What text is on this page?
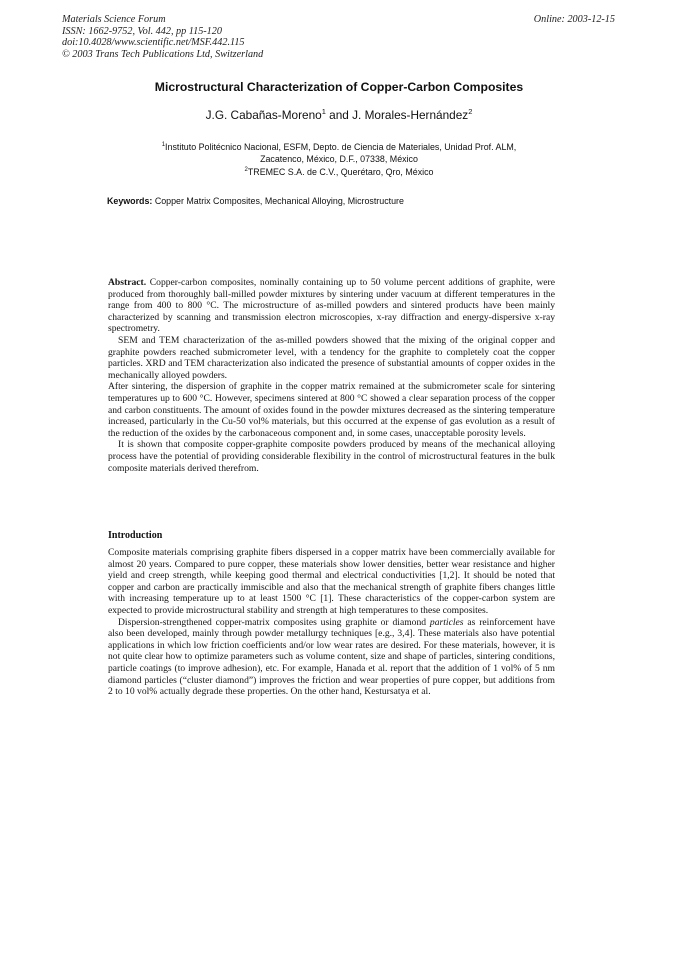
Materials Science Forum
ISSN: 1662-9752, Vol. 442, pp 115-120
doi:10.4028/www.scientific.net/MSF.442.115
© 2003 Trans Tech Publications Ltd, Switzerland
Online: 2003-12-15
Microstructural Characterization of Copper-Carbon Composites
J.G. Cabañas-Moreno$^1$ and J. Morales-Hernández$^2$
$^1$Instituto Politécnico Nacional, ESFM, Depto. de Ciencia de Materiales, Unidad Prof. ALM,
Zacatenco, México, D.F., 07338, México
$^2$TREMEC S.A. de C.V., Querétaro, Qro, México
Keywords: Copper Matrix Composites, Mechanical Alloying, Microstructure

Abstract. Copper-carbon composites, nominally containing up to 50 volume percent additions of graphite, were produced from thoroughly ball-milled powder mixtures by sintering under vacuum at different temperatures in the range from 400 to 800 °C. The microstructure of as-milled powders and sintered products have been mainly characterized by scanning and transmission electron microscopies, x-ray diffraction and energy-dispersive x-ray spectrometry.

SEM and TEM characterization of the as-milled powders showed that the mixing of the original copper and graphite powders reached submicrometer level, with a tendency for the graphite to completely coat the copper particles. XRD and TEM characterization also indicated the presence of substantial amounts of copper oxides in the mechanically alloyed powders.

After sintering, the dispersion of graphite in the copper matrix remained at the submicrometer scale for sintering temperatures up to 600 °C. However, specimens sintered at 800 °C showed a clear separation process of the copper and carbon constituents. The amount of oxides found in the powder mixtures decreased as the sintering temperature increased, particularly in the Cu-50 vol% materials, but this occurred at the expense of gas evolution as a result of the reduction of the oxides by the carbonaceous component and, in some cases, unacceptable porosity levels.

It is shown that composite copper-graphite composite powders produced by means of the mechanical alloying process have the potential of providing considerable flexibility in the control of microstructural features in the bulk composite materials derived therefrom.

Introduction

Composite materials comprising graphite fibers dispersed in a copper matrix have been commercially available for almost 20 years. Compared to pure copper, these materials show lower densities, better wear resistance and higher yield and creep strength, while keeping good thermal and electrical conductivities [1,2]. It should be noted that copper and carbon are practically immiscible and also that the mechanical strength of graphite fibers changes little with increasing temperature up to at least 1500 °C [1]. These characteristics of the copper-carbon system are expected to provide microstructural stability and strength at high temperatures to these composites.

Dispersion-strengthened copper-matrix composites using graphite or diamond particles as reinforcement have also been developed, mainly through powder metallurgy techniques [e.g., 3,4]. These materials also have potential applications in which low friction coefficients and/or low wear rates are desired. For these materials, however, it is not quite clear how to optimize parameters such as volume content, size and shape of particles, sintering conditions, particle coatings (to improve adhesion), etc. For example, Hanada et al. report that the addition of 1 vol% of 5 nm diamond particles (“cluster diamond”) improves the friction and wear properties of pure copper, but additions from 2 to 10 vol% actually degrade these properties. On the other hand, Kestursatya et al.
